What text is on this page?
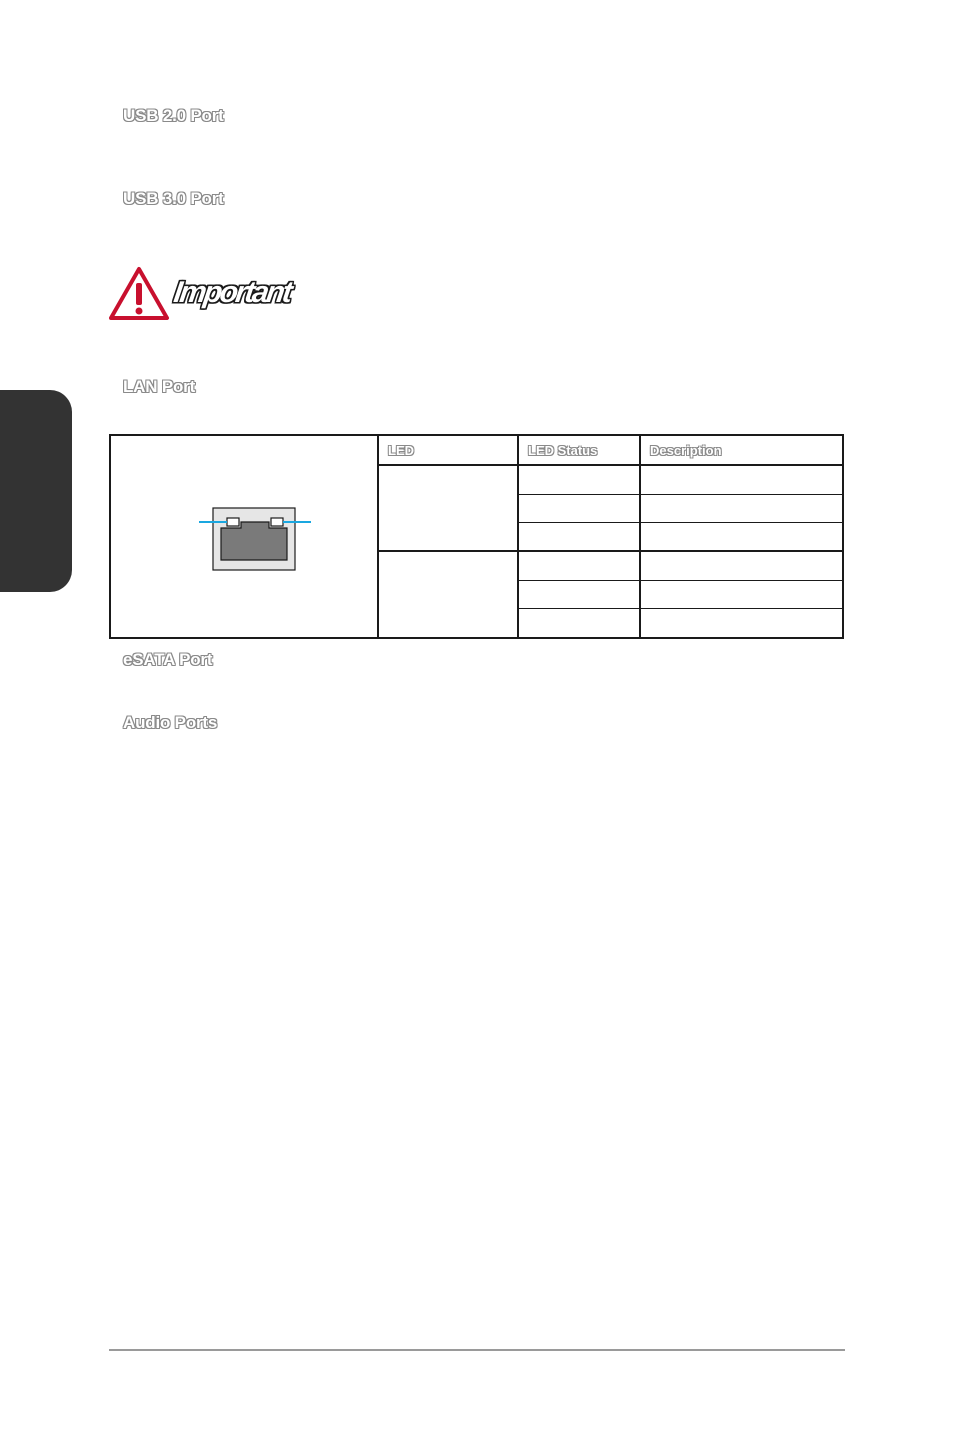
USB 2.0 Port
USB 3.0 Port
Important
LAN Port
LED	LED Status	Description

eSATA Port
Audio Ports
